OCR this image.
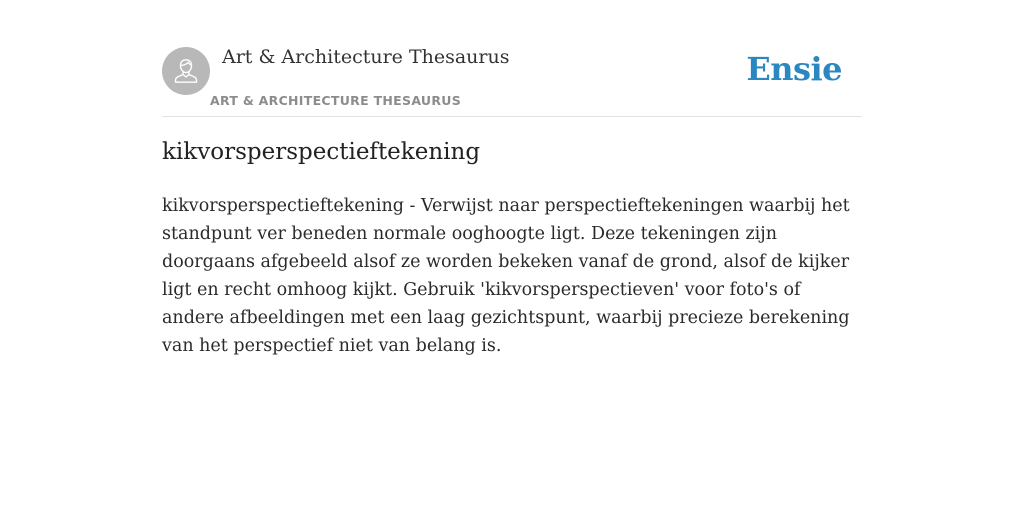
Art & Architecture Thesaurus
ART & ARCHITECTURE THESAURUS
Ensie
kikvorsperspectieftekening

kikvorsperspectieftekening - Verwijst naar perspectieftekeningen waarbij het standpunt ver beneden normale ooghoogte ligt. Deze tekeningen zijn doorgaans afgebeeld alsof ze worden bekeken vanaf de grond, alsof de kijker ligt en recht omhoog kijkt. Gebruik 'kikvorsperspectieven' voor foto's of andere afbeeldingen met een laag gezichtspunt, waarbij precieze berekening van het perspectief niet van belang is.
